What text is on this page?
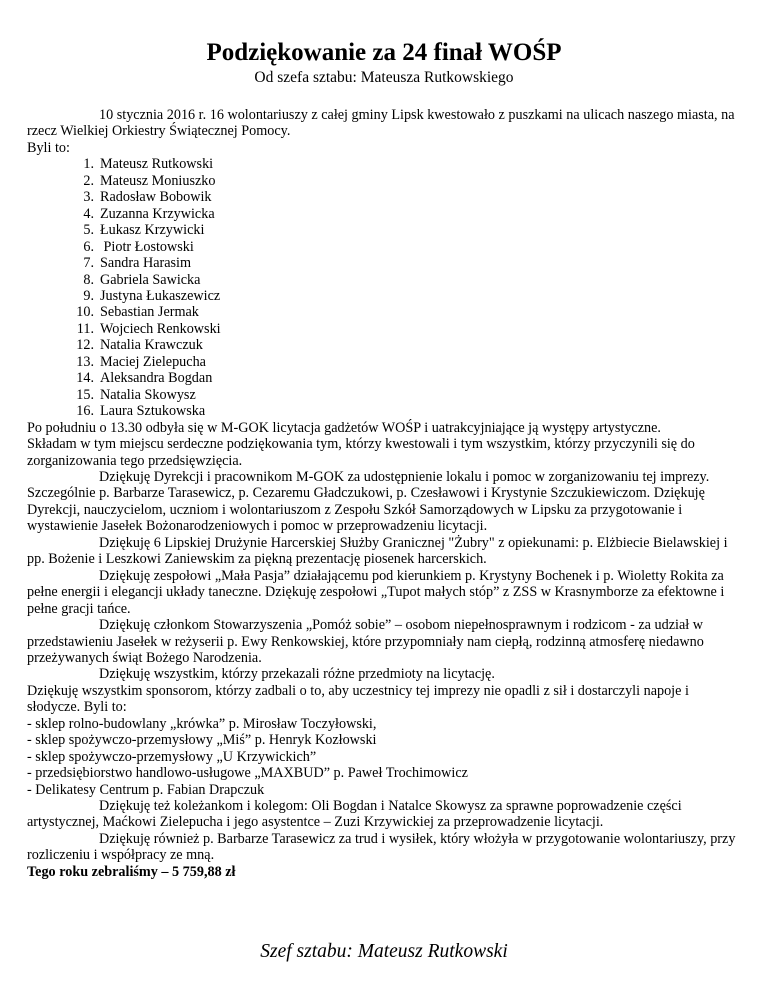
Podziękowanie za 24 finał WOŚP

Od szefa sztabu: Mateusza Rutkowskiego

10 stycznia 2016 r. 16 wolontariuszy z całej gminy Lipsk kwestowało z puszkami na ulicach naszego miasta, na rzecz Wielkiej Orkiestry Świątecznej Pomocy.

Byli to:

1. Mateusz Rutkowski
2. Mateusz Moniuszko
3. Radosław Bobowik
4. Zuzanna Krzywicka
5. Łukasz Krzywicki
6. Piotr Łostowski
7. Sandra Harasim
8. Gabriela Sawicka
9. Justyna Łukaszewicz
10. Sebastian Jermak
11. Wojciech Renkowski
12. Natalia Krawczuk
13. Maciej Zielepucha
14. Aleksandra Bogdan
15. Natalia Skowysz
16. Laura Sztukowska

Po południu o 13.30 odbyła się w M-GOK licytacja gadżetów WOŚP i uatrakcyjniające ją występy artystyczne.

Składam w tym miejscu serdeczne podziękowania tym, którzy kwestowali i tym wszystkim, którzy przyczynili się do zorganizowania tego przedsięwzięcia.

Dziękuję Dyrekcji i pracownikom M-GOK za udostępnienie lokalu i pomoc w zorganizowaniu tej imprezy. Szczególnie p. Barbarze Tarasewicz, p. Cezaremu Gładczukowi, p. Czesławowi i Krystynie Szczukiewiczom. Dziękuję Dyrekcji, nauczycielom, uczniom i wolontariuszom z Zespołu Szkół Samorządowych w Lipsku za przygotowanie i wystawienie Jasełek Bożonarodzeniowych i pomoc w przeprowadzeniu licytacji.

Dziękuję 6 Lipskiej Drużynie Harcerskiej Służby Granicznej "Żubry" z opiekunami: p. Elżbiecie Bielawskiej i pp. Bożenie i Leszkowi Zaniewskim za piękną prezentację piosenek harcerskich.

Dziękuję zespołowi „Mała Pasja” działającemu pod kierunkiem p. Krystyny Bochenek i p. Wioletty Rokita za pełne energii i elegancji układy taneczne. Dziękuję zespołowi „Tupot małych stóp” z ZSS w Krasnymborze za efektowne i pełne gracji tańce.

Dziękuję członkom Stowarzyszenia „Pomóż sobie” – osobom niepełnosprawnym i rodzicom - za udział w przedstawieniu Jasełek w reżyserii p. Ewy Renkowskiej, które przypomniały nam ciepłą, rodzinną atmosferę niedawno przeżywanych świąt Bożego Narodzenia.

Dziękuję wszystkim, którzy przekazali różne przedmioty na licytację.

Dziękuję wszystkim sponsorom, którzy zadbali o to, aby uczestnicy tej imprezy nie opadli z sił i dostarczyli napoje i słodycze. Byli to:

- sklep rolno-budowlany „krówka” p. Mirosław Toczyłowski,

- sklep spożywczo-przemysłowy „Miś” p. Henryk Kozłowski

- sklep spożywczo-przemysłowy „U Krzywickich”

- przedsiębiorstwo handlowo-usługowe „MAXBUD” p. Paweł Trochimowicz

- Delikatesy Centrum p. Fabian Drapczuk

Dziękuję też koleżankom i kolegom: Oli Bogdan i Natalce Skowysz za sprawne poprowadzenie części artystycznej, Maćkowi Zielepucha i jego asystentce – Zuzi Krzywickiej za przeprowadzenie licytacji.

Dziękuję również p. Barbarze Tarasewicz za trud i wysiłek, który włożyła w przygotowanie wolontariuszy, przy rozliczeniu i współpracy ze mną.

Tego roku zebraliśmy – 5 759,88 zł

Szef sztabu: Mateusz Rutkowski
